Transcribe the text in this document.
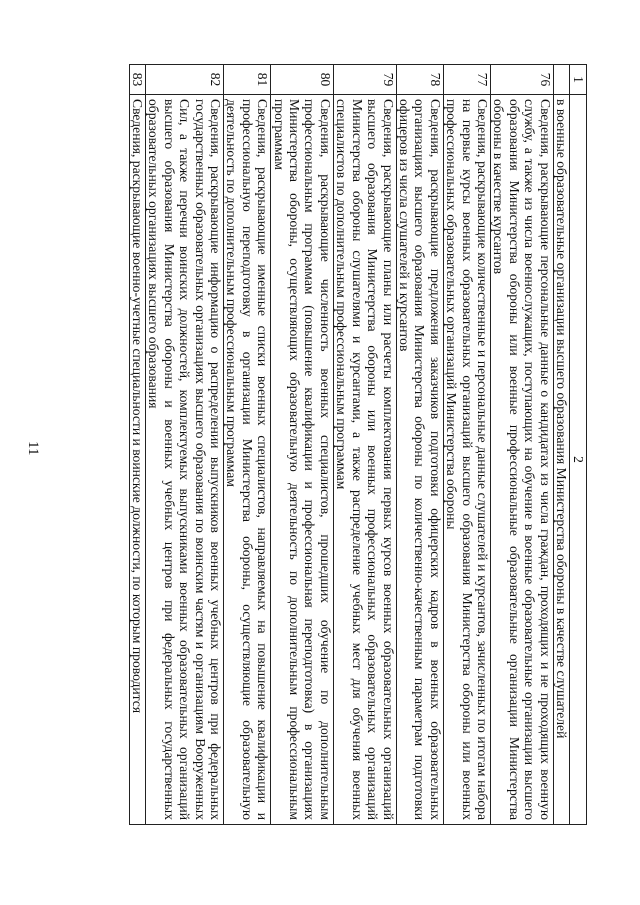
11
1	2
	в военные образовательные организации высшего образования Министерства обороны в качестве слушателей
76	Сведения, раскрывающие персональные данные о кандидатах из числа граждан, проходящих и не проходящих военную службу, а также из числа военнослужащих, поступающих на обучение в военные образовательные организации высшего образования Министерства обороны или военные профессиональные образовательные организации Министерства обороны в качестве курсантов
77	Сведения, раскрывающие количественные и персональные данные слушателей и курсантов, зачисленных по итогам набора на первые курсы военных образовательных организаций высшего образования Министерства обороны или военных профессиональных образовательных организаций Министерства обороны
78	Сведения, раскрывающие предложения заказчиков подготовки офицерских кадров в военных образовательных организациях высшего образования Министерства обороны по количественно-качественным параметрам подготовки офицеров из числа слушателей и курсантов
79	Сведения, раскрывающие планы или расчеты комплектования первых курсов военных образовательных организаций высшего образования Министерства обороны или военных профессиональных образовательных организаций Министерства обороны слушателями и курсантами, а также распределение учебных мест для обучения военных специалистов по дополнительным профессиональным программам
80	Сведения, раскрывающие численность военных специалистов, прошедших обучение по дополнительным профессиональным программам (повышение квалификации и профессиональная переподготовка) в организациях Министерства обороны, осуществляющих образовательную деятельность по дополнительным профессиональным программам
81	Сведения, раскрывающие именные списки военных специалистов, направляемых на повышение квалификации и профессиональную переподготовку в организации Министерства обороны, осуществляющие образовательную деятельность по дополнительным профессиональным программам
82	Сведения, раскрывающие информацию о распределении выпускников военных учебных центров при федеральных государственных образовательных организациях высшего образования по воинским частям и организациям Вооруженных Сил, а также перечни воинских должностей, комплектуемых выпускниками военных образовательных организаций высшего образования Министерства обороны и военных учебных центров при федеральных государственных образовательных организациях высшего образования
83	Сведения, раскрывающие военно-учетные специальности и воинские должности, по которым проводится
